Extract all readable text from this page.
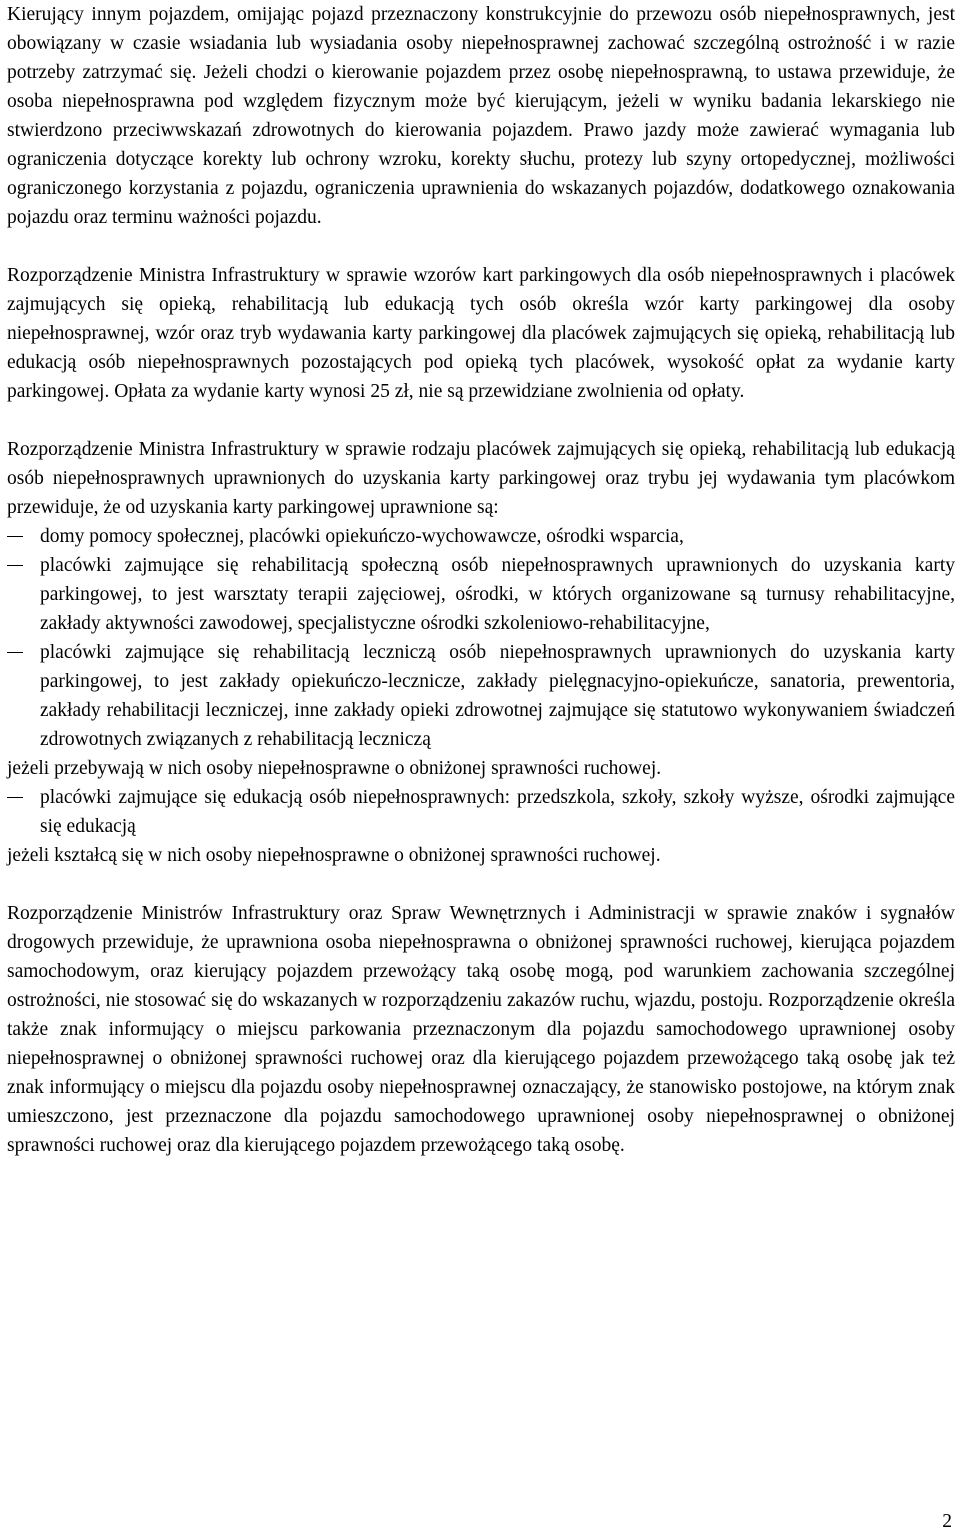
Kierujący innym pojazdem, omijając pojazd przeznaczony konstrukcyjnie do przewozu osób niepełnosprawnych, jest obowiązany w czasie wsiadania lub wysiadania osoby niepełnosprawnej zachować szczególną ostrożność i w razie potrzeby zatrzymać się. Jeżeli chodzi o kierowanie pojazdem przez osobę niepełnosprawną, to ustawa przewiduje, że osoba niepełnosprawna pod względem fizycznym może być kierującym, jeżeli w wyniku badania lekarskiego nie stwierdzono przeciwwskazań zdrowotnych do kierowania pojazdem. Prawo jazdy może zawierać wymagania lub ograniczenia dotyczące korekty lub ochrony wzroku, korekty słuchu, protezy lub szyny ortopedycznej, możliwości ograniczonego korzystania z pojazdu, ograniczenia uprawnienia do wskazanych pojazdów, dodatkowego oznakowania pojazdu oraz terminu ważności pojazdu.

Rozporządzenie Ministra Infrastruktury w sprawie wzorów kart parkingowych dla osób niepełnosprawnych i placówek zajmujących się opieką, rehabilitacją lub edukacją tych osób określa wzór karty parkingowej dla osoby niepełnosprawnej, wzór oraz tryb wydawania karty parkingowej dla placówek zajmujących się opieką, rehabilitacją lub edukacją osób niepełnosprawnych pozostających pod opieką tych placówek, wysokość opłat za wydanie karty parkingowej. Opłata za wydanie karty wynosi 25 zł, nie są przewidziane zwolnienia od opłaty.

Rozporządzenie Ministra Infrastruktury w sprawie rodzaju placówek zajmujących się opieką, rehabilitacją lub edukacją osób niepełnosprawnych uprawnionych do uzyskania karty parkingowej oraz trybu jej wydawania tym placówkom przewiduje, że od uzyskania karty parkingowej uprawnione są:

domy pomocy społecznej, placówki opiekuńczo-wychowawcze, ośrodki wsparcia,
placówki zajmujące się rehabilitacją społeczną osób niepełnosprawnych uprawnionych do uzyskania karty parkingowej, to jest warsztaty terapii zajęciowej, ośrodki, w których organizowane są turnusy rehabilitacyjne, zakłady aktywności zawodowej, specjalistyczne ośrodki szkoleniowo-rehabilitacyjne,
placówki zajmujące się rehabilitacją leczniczą osób niepełnosprawnych uprawnionych do uzyskania karty parkingowej, to jest zakłady opiekuńczo-lecznicze, zakłady pielęgnacyjno-opiekuńcze, sanatoria, prewentoria, zakłady rehabilitacji leczniczej, inne zakłady opieki zdrowotnej zajmujące się statutowo wykonywaniem świadczeń zdrowotnych związanych z rehabilitacją leczniczą

jeżeli przebywają w nich osoby niepełnosprawne o obniżonej sprawności ruchowej.

placówki zajmujące się edukacją osób niepełnosprawnych: przedszkola, szkoły, szkoły wyższe, ośrodki zajmujące się edukacją

jeżeli kształcą się w nich osoby niepełnosprawne o obniżonej sprawności ruchowej.

Rozporządzenie Ministrów Infrastruktury oraz Spraw Wewnętrznych i Administracji w sprawie znaków i sygnałów drogowych przewiduje, że uprawniona osoba niepełnosprawna o obniżonej sprawności ruchowej, kierująca pojazdem samochodowym, oraz kierujący pojazdem przewożący taką osobę mogą, pod warunkiem zachowania szczególnej ostrożności, nie stosować się do wskazanych w rozporządzeniu zakazów ruchu, wjazdu, postoju. Rozporządzenie określa także znak informujący o miejscu parkowania przeznaczonym dla pojazdu samochodowego uprawnionej osoby niepełnosprawnej o obniżonej sprawności ruchowej oraz dla kierującego pojazdem przewożącego taką osobę jak też znak informujący o miejscu dla pojazdu osoby niepełnosprawnej oznaczający, że stanowisko postojowe, na którym znak umieszczono, jest przeznaczone dla pojazdu samochodowego uprawnionej osoby niepełnosprawnej o obniżonej sprawności ruchowej oraz dla kierującego pojazdem przewożącego taką osobę.

2
